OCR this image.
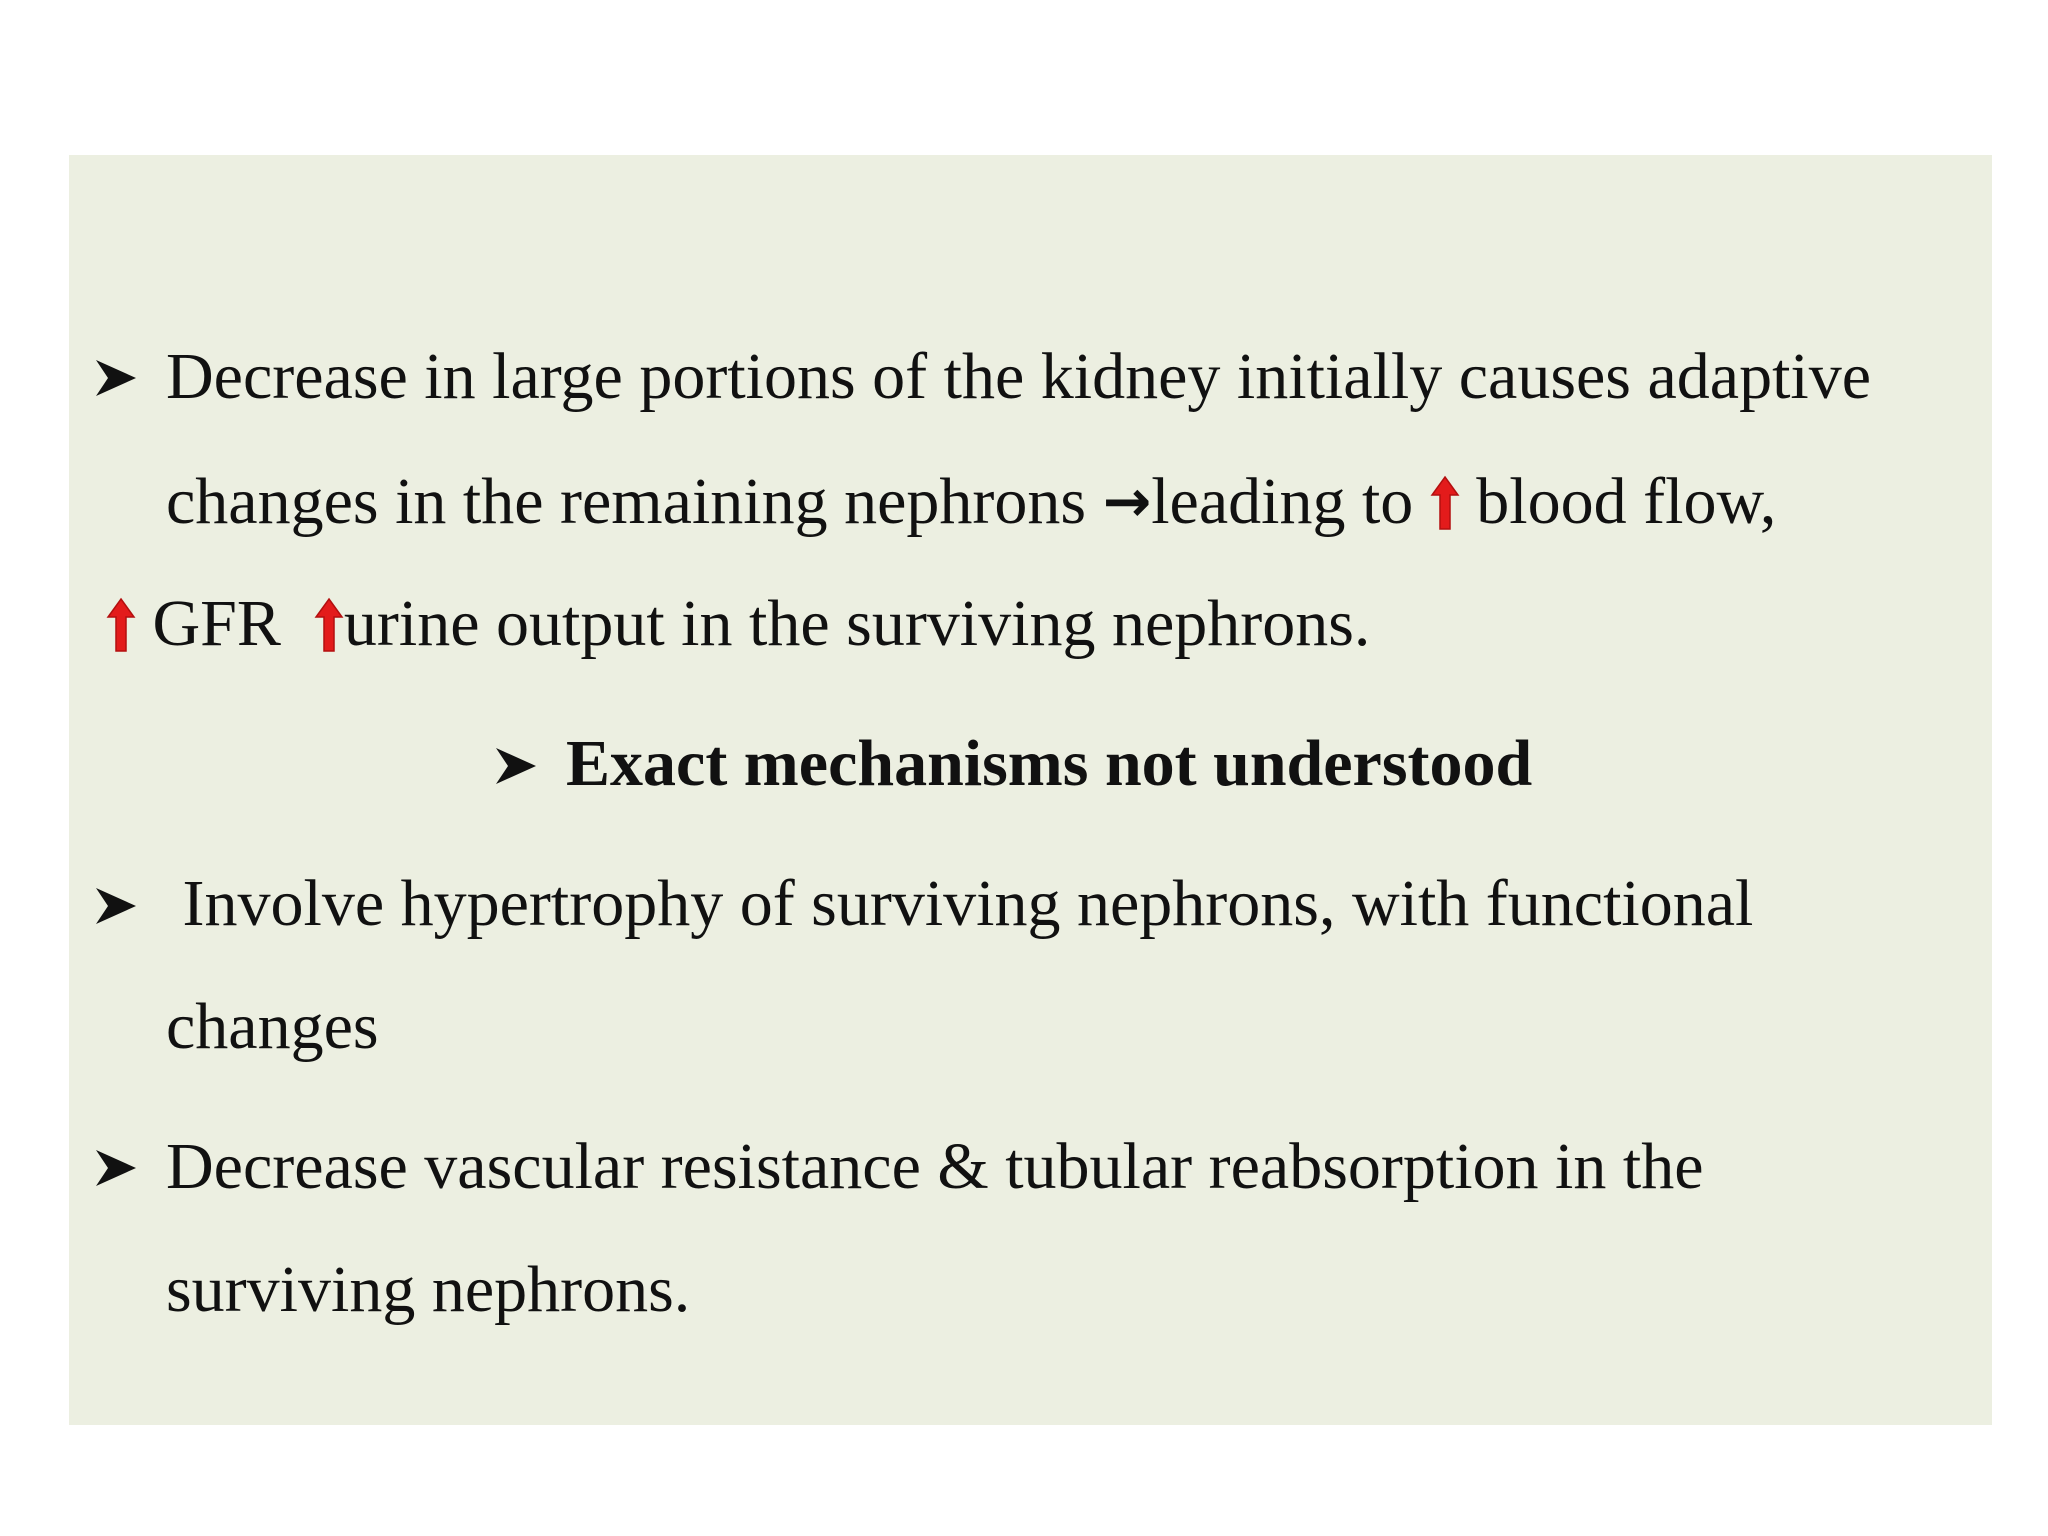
Decrease in large portions of the kidney initially causes adaptive
changes in the remaining nephrons →leading to  blood flow,
GFR  urine output in the surviving nephrons.
Exact mechanisms not understood
Involve hypertrophy of surviving nephrons, with functional
changes
Decrease vascular resistance & tubular reabsorption in the
surviving nephrons.
